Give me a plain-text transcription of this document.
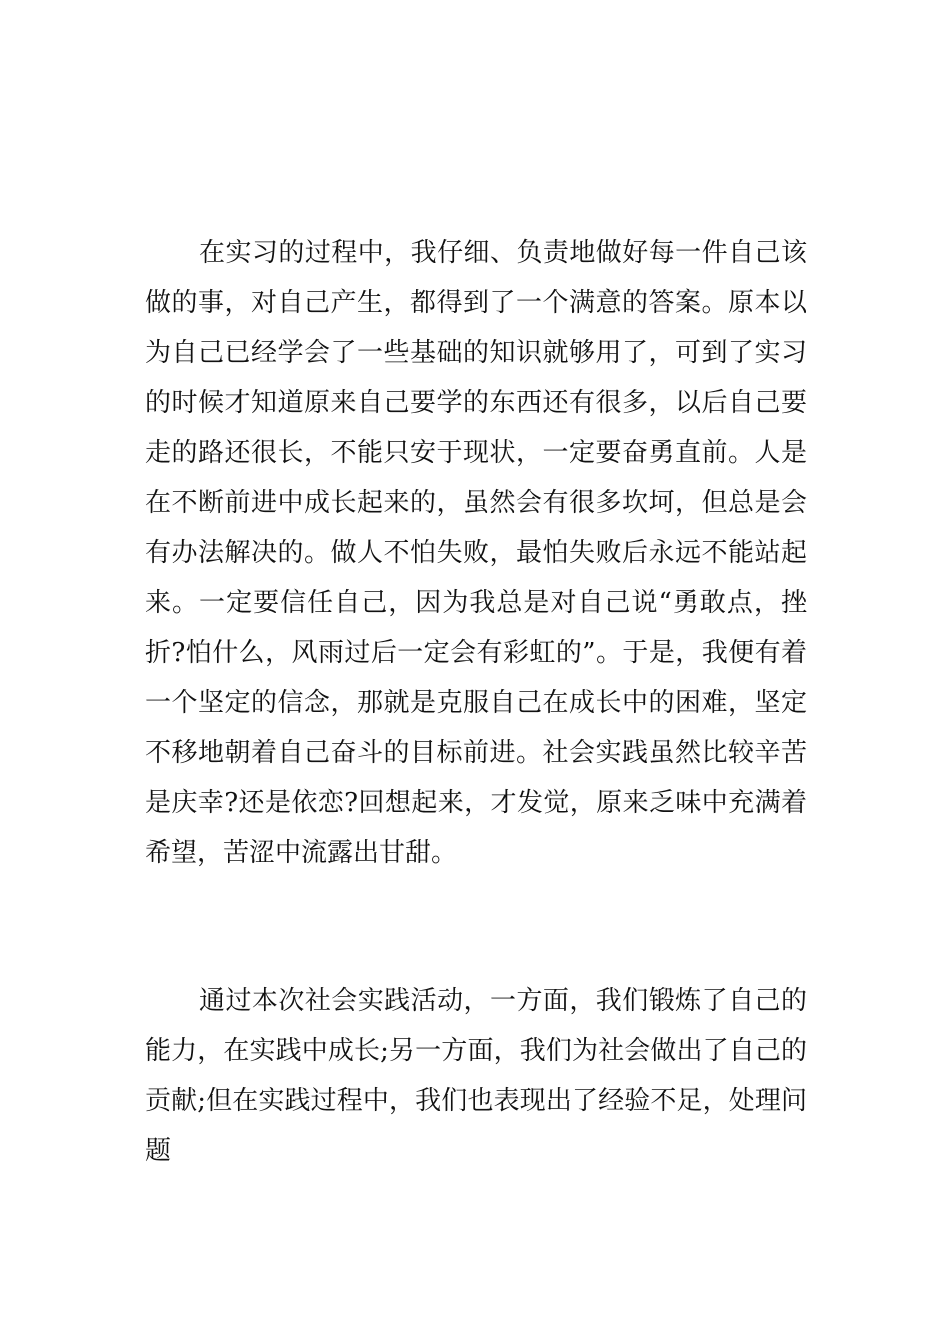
在实习的过程中，我仔细、负责地做好每一件自己该
做的事，对自己产生，都得到了一个满意的答案。原本以
为自己已经学会了一些基础的知识就够用了，可到了实习
的时候才知道原来自己要学的东西还有很多，以后自己要
走的路还很长，不能只安于现状，一定要奋勇直前。人是
在不断前进中成长起来的，虽然会有很多坎坷，但总是会
有办法解决的。做人不怕失败，最怕失败后永远不能站起
来。一定要信任自己，因为我总是对自己说“勇敢点，挫
折?怕什么，风雨过后一定会有彩虹的”。于是，我便有着
一个坚定的信念，那就是克服自己在成长中的困难，坚定
不移地朝着自己奋斗的目标前进。社会实践虽然比较辛苦
是庆幸?还是依恋?回想起来，才发觉，原来乏味中充满着
希望，苦涩中流露出甘甜。
通过本次社会实践活动，一方面，我们锻炼了自己的
能力，在实践中成长;另一方面，我们为社会做出了自己的
贡献;但在实践过程中，我们也表现出了经验不足，处理问
题
